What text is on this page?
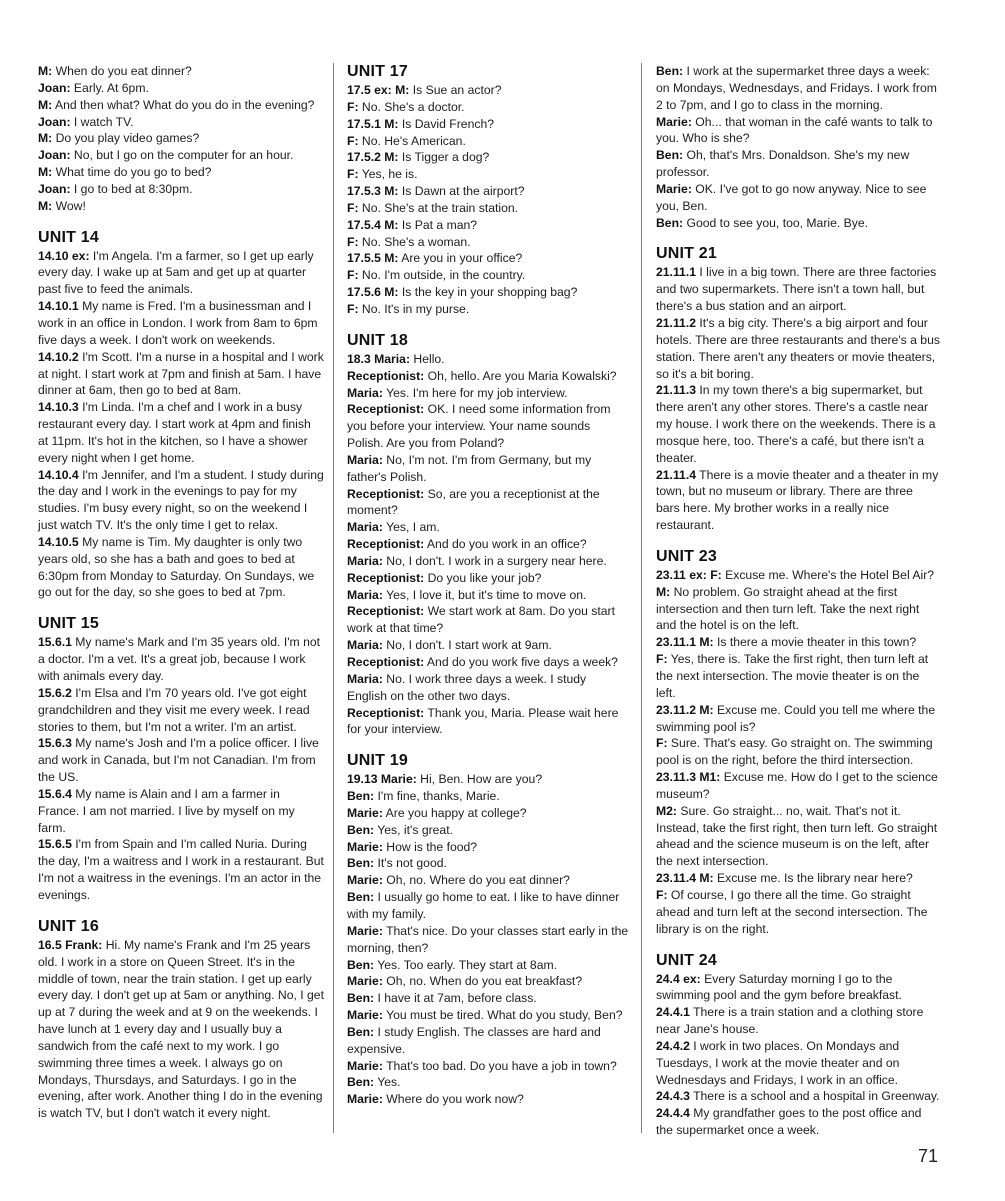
M: When do you eat dinner?

Joan: Early. At 6pm.

M: And then what? What do you do in the evening?

Joan: I watch TV.

M: Do you play video games?

Joan: No, but I go on the computer for an hour.

M: What time do you go to bed?

Joan: I go to bed at 8:30pm.

M: Wow!

UNIT 14

14.10 ex: I'm Angela. I'm a farmer, so I get up early every day. I wake up at 5am and get up at quarter past five to feed the animals.

14.10.1 My name is Fred. I'm a businessman and I work in an office in London. I work from 8am to 6pm five days a week. I don't work on weekends.

14.10.2 I'm Scott. I'm a nurse in a hospital and I work at night. I start work at 7pm and finish at 5am. I have dinner at 6am, then go to bed at 8am.

14.10.3 I'm Linda. I'm a chef and I work in a busy restaurant every day. I start work at 4pm and finish at 11pm. It's hot in the kitchen, so I have a shower every night when I get home.

14.10.4 I'm Jennifer, and I'm a student. I study during the day and I work in the evenings to pay for my studies. I'm busy every night, so on the weekend I just watch TV. It's the only time I get to relax.

14.10.5 My name is Tim. My daughter is only two years old, so she has a bath and goes to bed at 6:30pm from Monday to Saturday. On Sundays, we go out for the day, so she goes to bed at 7pm.

UNIT 15

15.6.1 My name's Mark and I'm 35 years old. I'm not a doctor. I'm a vet. It's a great job, because I work with animals every day.

15.6.2 I'm Elsa and I'm 70 years old. I've got eight grandchildren and they visit me every week. I read stories to them, but I'm not a writer. I'm an artist.

15.6.3 My name's Josh and I'm a police officer. I live and work in Canada, but I'm not Canadian. I'm from the US.

15.6.4 My name is Alain and I am a farmer in France. I am not married. I live by myself on my farm.

15.6.5 I'm from Spain and I'm called Nuria. During the day, I'm a waitress and I work in a restaurant. But I'm not a waitress in the evenings. I'm an actor in the evenings.

UNIT 16

16.5 Frank: Hi. My name's Frank and I'm 25 years old. I work in a store on Queen Street. It's in the middle of town, near the train station. I get up early every day. I don't get up at 5am or anything. No, I get up at 7 during the week and at 9 on the weekends. I have lunch at 1 every day and I usually buy a sandwich from the café next to my work. I go swimming three times a week. I always go on Mondays, Thursdays, and Saturdays. I go in the evening, after work. Another thing I do in the evening is watch TV, but I don't watch it every night.

UNIT 17

17.5 ex: M: Is Sue an actor?

F: No. She's a doctor.

17.5.1 M: Is David French?

F: No. He's American.

17.5.2 M: Is Tigger a dog?

F: Yes, he is.

17.5.3 M: Is Dawn at the airport?

F: No. She's at the train station.

17.5.4 M: Is Pat a man?

F: No. She's a woman.

17.5.5 M: Are you in your office?

F: No. I'm outside, in the country.

17.5.6 M: Is the key in your shopping bag?

F: No. It's in my purse.

UNIT 18

18.3 Maria: Hello.

Receptionist: Oh, hello. Are you Maria Kowalski?

Maria: Yes. I'm here for my job interview.

Receptionist: OK. I need some information from you before your interview. Your name sounds Polish. Are you from Poland?

Maria: No, I'm not. I'm from Germany, but my father's Polish.

Receptionist: So, are you a receptionist at the moment?

Maria: Yes, I am.

Receptionist: And do you work in an office?

Maria: No, I don't. I work in a surgery near here.

Receptionist: Do you like your job?

Maria: Yes, I love it, but it's time to move on.

Receptionist: We start work at 8am. Do you start work at that time?

Maria: No, I don't. I start work at 9am.

Receptionist: And do you work five days a week?

Maria: No. I work three days a week. I study English on the other two days.

Receptionist: Thank you, Maria. Please wait here for your interview.

UNIT 19

19.13 Marie: Hi, Ben. How are you?

Ben: I'm fine, thanks, Marie.

Marie: Are you happy at college?

Ben: Yes, it's great.

Marie: How is the food?

Ben: It's not good.

Marie: Oh, no. Where do you eat dinner?

Ben: I usually go home to eat. I like to have dinner with my family.

Marie: That's nice. Do your classes start early in the morning, then?

Ben: Yes. Too early. They start at 8am.

Marie: Oh, no. When do you eat breakfast?

Ben: I have it at 7am, before class.

Marie: You must be tired. What do you study, Ben?

Ben: I study English. The classes are hard and expensive.

Marie: That's too bad. Do you have a job in town?

Ben: Yes.

Marie: Where do you work now?

Ben: I work at the supermarket three days a week: on Mondays, Wednesdays, and Fridays. I work from 2 to 7pm, and I go to class in the morning.

Marie: Oh... that woman in the café wants to talk to you. Who is she?

Ben: Oh, that's Mrs. Donaldson. She's my new professor.

Marie: OK. I've got to go now anyway. Nice to see you, Ben.

Ben: Good to see you, too, Marie. Bye.

UNIT 21

21.11.1 I live in a big town. There are three factories and two supermarkets. There isn't a town hall, but there's a bus station and an airport.

21.11.2 It's a big city. There's a big airport and four hotels. There are three restaurants and there's a bus station. There aren't any theaters or movie theaters, so it's a bit boring.

21.11.3 In my town there's a big supermarket, but there aren't any other stores. There's a castle near my house. I work there on the weekends. There is a mosque here, too. There's a café, but there isn't a theater.

21.11.4 There is a movie theater and a theater in my town, but no museum or library. There are three bars here. My brother works in a really nice restaurant.

UNIT 23

23.11 ex: F: Excuse me. Where's the Hotel Bel Air?

M: No problem. Go straight ahead at the first intersection and then turn left. Take the next right and the hotel is on the left.

23.11.1 M: Is there a movie theater in this town?

F: Yes, there is. Take the first right, then turn left at the next intersection. The movie theater is on the left.

23.11.2 M: Excuse me. Could you tell me where the swimming pool is?

F: Sure. That's easy. Go straight on. The swimming pool is on the right, before the third intersection.

23.11.3 M1: Excuse me. How do I get to the science museum?

M2: Sure. Go straight... no, wait. That's not it. Instead, take the first right, then turn left. Go straight ahead and the science museum is on the left, after the next intersection.

23.11.4 M: Excuse me. Is the library near here?

F: Of course, I go there all the time. Go straight ahead and turn left at the second intersection. The library is on the right.

UNIT 24

24.4 ex: Every Saturday morning I go to the swimming pool and the gym before breakfast.

24.4.1 There is a train station and a clothing store near Jane's house.

24.4.2 I work in two places. On Mondays and Tuesdays, I work at the movie theater and on Wednesdays and Fridays, I work in an office.

24.4.3 There is a school and a hospital in Greenway.

24.4.4 My grandfather goes to the post office and the supermarket once a week.

71
